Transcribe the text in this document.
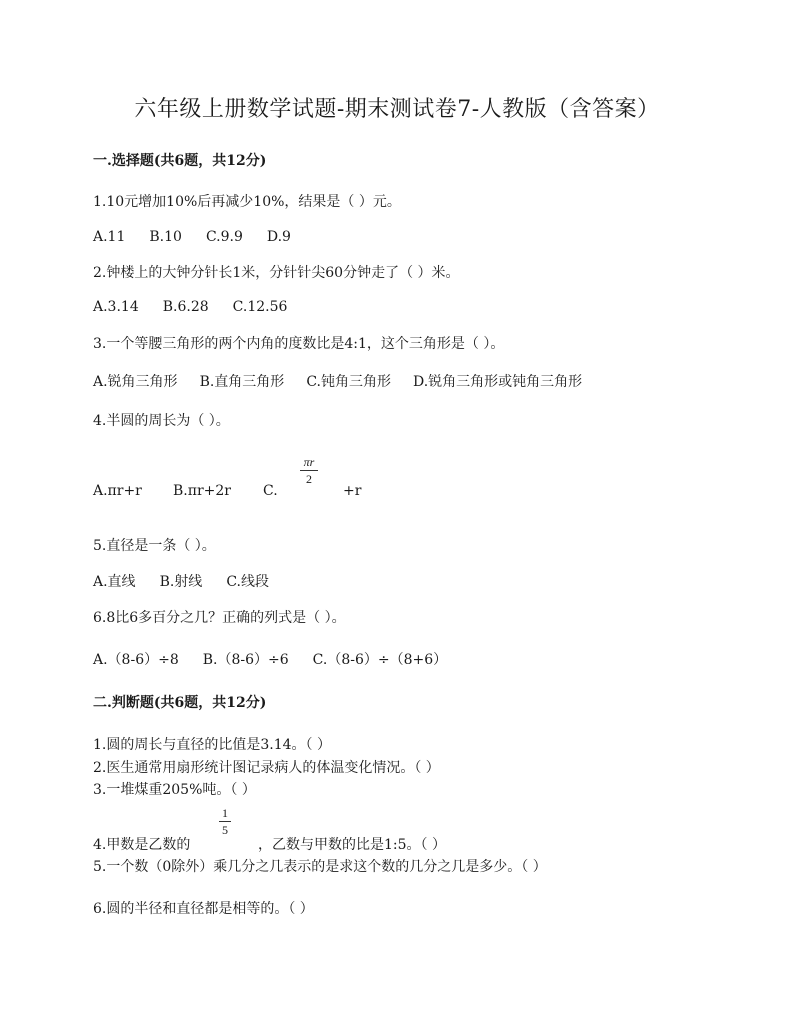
六年级上册数学试题-期末测试卷7-人教版（含答案）
一.选择题(共6题，共12分)
1.10元增加10%后再减少10%，结果是（ ）元。
A.11 B.10 C.9.9 D.9
2.钟楼上的大钟分针长1米，分针针尖60分钟走了（ ）米。
A.3.14 B.6.28 C.12.56
3.一个等腰三角形的两个内角的度数比是4:1，这个三角形是（ ）。
A.锐角三角形 B.直角三角形 C.钝角三角形 D.锐角三角形或钝角三角形
4.半圆的周长为（ ）。
A.πr+r B.πr+2r C.
πr
2
+r
5.直径是一条（ ）。
A.直线 B.射线 C.线段
6.8比6多百分之几？正确的列式是（ ）。
A.（8-6）÷8 B.（8-6）÷6 C.（8-6）÷（8+6）
二.判断题(共6题，共12分)
1.圆的周长与直径的比值是3.14。（ ）
2.医生通常用扇形统计图记录病人的体温变化情况。（ ）
3.一堆煤重205%吨。（ ）
4.甲数是乙数的
1
5
，乙数与甲数的比是1:5。（ ）
5.一个数（0除外）乘几分之几表示的是求这个数的几分之几是多少。（ ）
6.圆的半径和直径都是相等的。（ ）
